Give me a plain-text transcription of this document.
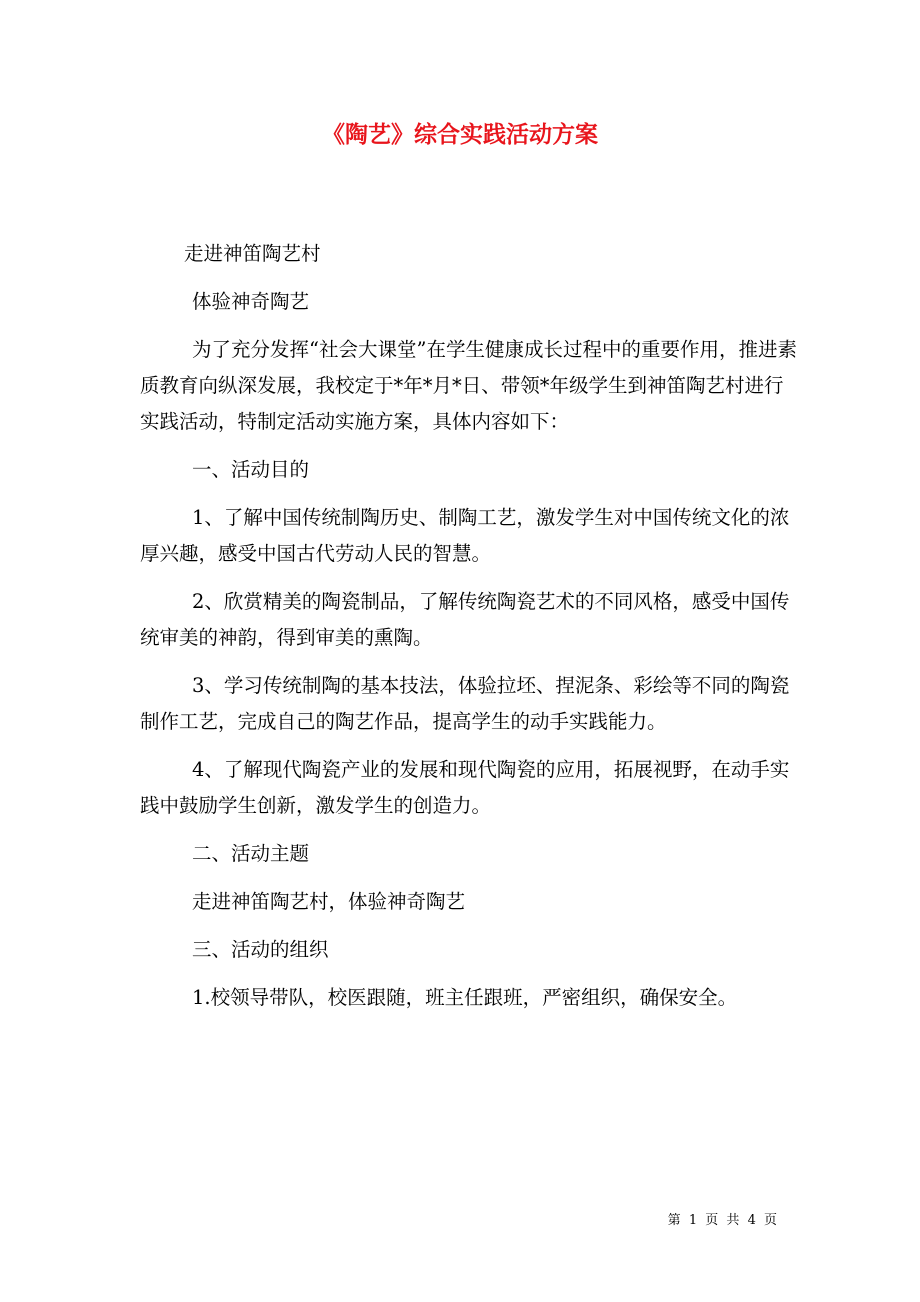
《陶艺》综合实践活动方案

走进神笛陶艺村

体验神奇陶艺

为了充分发挥“社会大课堂”在学生健康成长过程中的重要作用，推进素质教育向纵深发展，我校定于*年*月*日、带领*年级学生到神笛陶艺村进行实践活动，特制定活动实施方案，具体内容如下：

一、活动目的

1、了解中国传统制陶历史、制陶工艺，激发学生对中国传统文化的浓厚兴趣，感受中国古代劳动人民的智慧。

2、欣赏精美的陶瓷制品，了解传统陶瓷艺术的不同风格，感受中国传统审美的神韵，得到审美的熏陶。

3、学习传统制陶的基本技法，体验拉坯、捏泥条、彩绘等不同的陶瓷制作工艺，完成自己的陶艺作品，提高学生的动手实践能力。

4、了解现代陶瓷产业的发展和现代陶瓷的应用，拓展视野，在动手实践中鼓励学生创新，激发学生的创造力。

二、活动主题

走进神笛陶艺村，体验神奇陶艺

三、活动的组织

1.校领导带队，校医跟随，班主任跟班，严密组织，确保安全。

第 1 页 共 4 页
